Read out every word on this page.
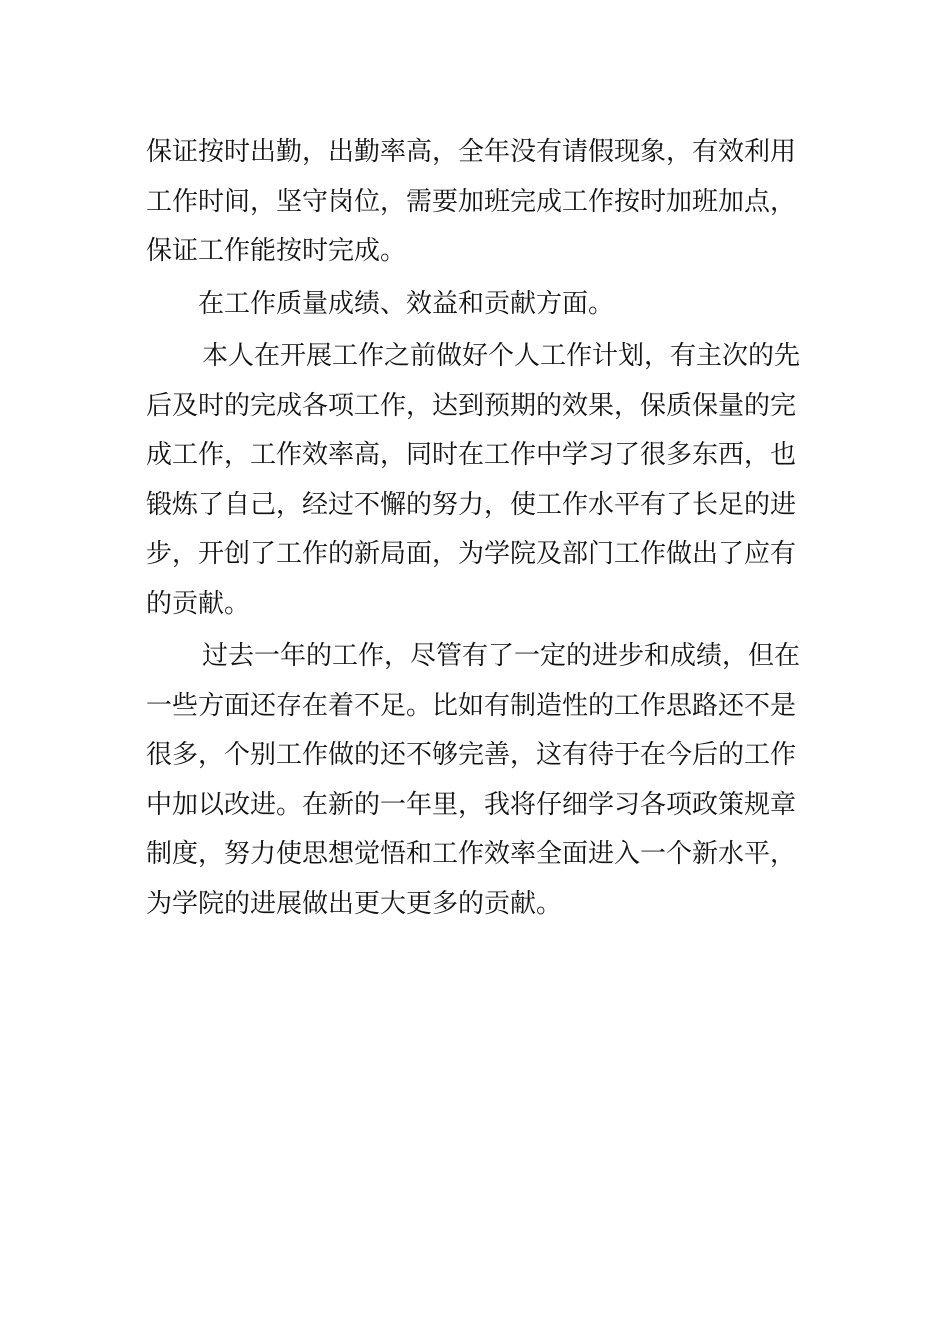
保证按时出勤，出勤率高，全年没有请假现象，有效利用
工作时间，坚守岗位，需要加班完成工作按时加班加点，
保证工作能按时完成。
在工作质量成绩、效益和贡献方面。
本人在开展工作之前做好个人工作计划，有主次的先
后及时的完成各项工作，达到预期的效果，保质保量的完
成工作，工作效率高，同时在工作中学习了很多东西，也
锻炼了自己，经过不懈的努力，使工作水平有了长足的进
步，开创了工作的新局面，为学院及部门工作做出了应有
的贡献。
过去一年的工作，尽管有了一定的进步和成绩，但在
一些方面还存在着不足。比如有制造性的工作思路还不是
很多，个别工作做的还不够完善，这有待于在今后的工作
中加以改进。在新的一年里，我将仔细学习各项政策规章
制度，努力使思想觉悟和工作效率全面进入一个新水平，
为学院的进展做出更大更多的贡献。
